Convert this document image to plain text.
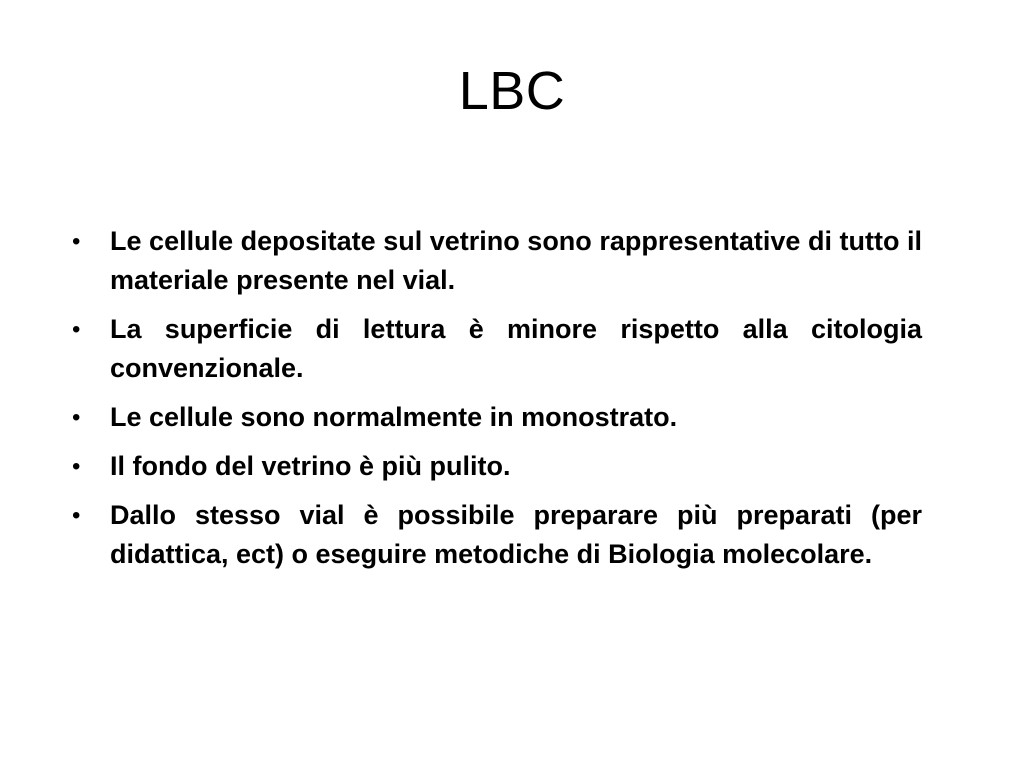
LBC
•	Le cellule depositate sul vetrino sono rappresentative di tutto il materiale presente nel vial.
•	La superficie di lettura è minore rispetto alla citologia convenzionale.
•	Le cellule sono normalmente in monostrato.
•	Il fondo del vetrino è più pulito.
•	Dallo stesso vial è possibile preparare più preparati (per didattica, ect) o eseguire metodiche di Biologia molecolare.
